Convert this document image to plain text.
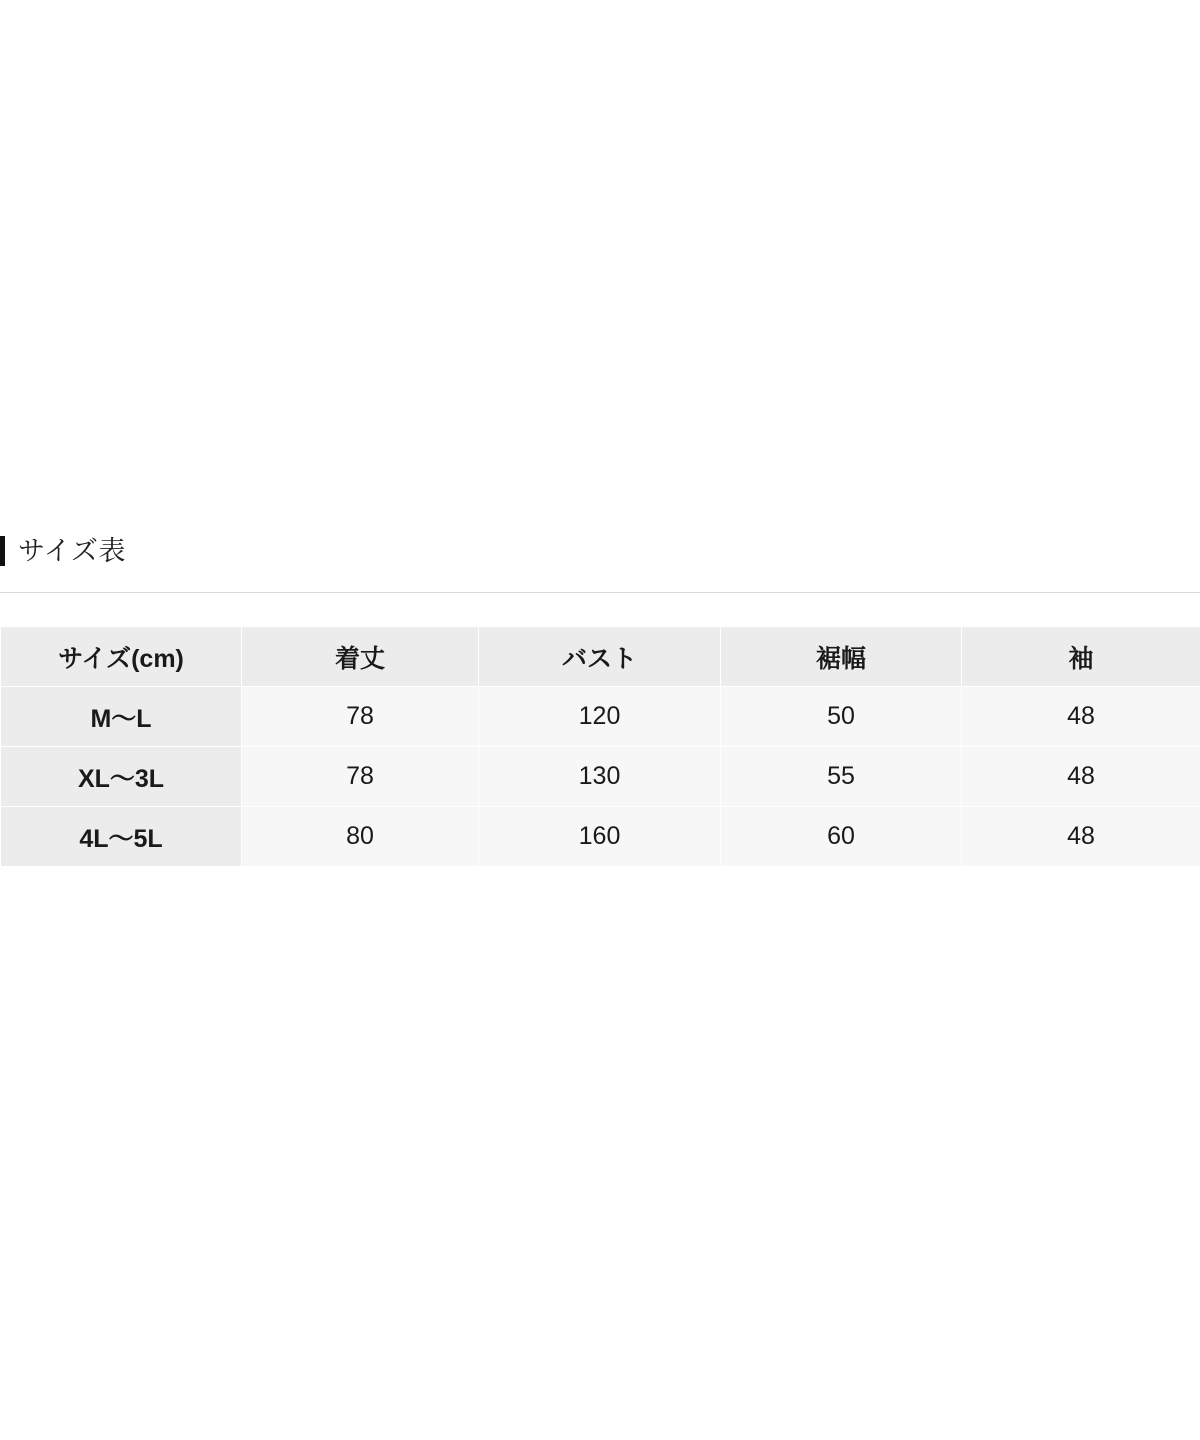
サイズ表
サイズ(cm)	着丈	バスト	裾幅	袖
M〜L	78	120	50	48
XL〜3L	78	130	55	48
4L〜5L	80	160	60	48
